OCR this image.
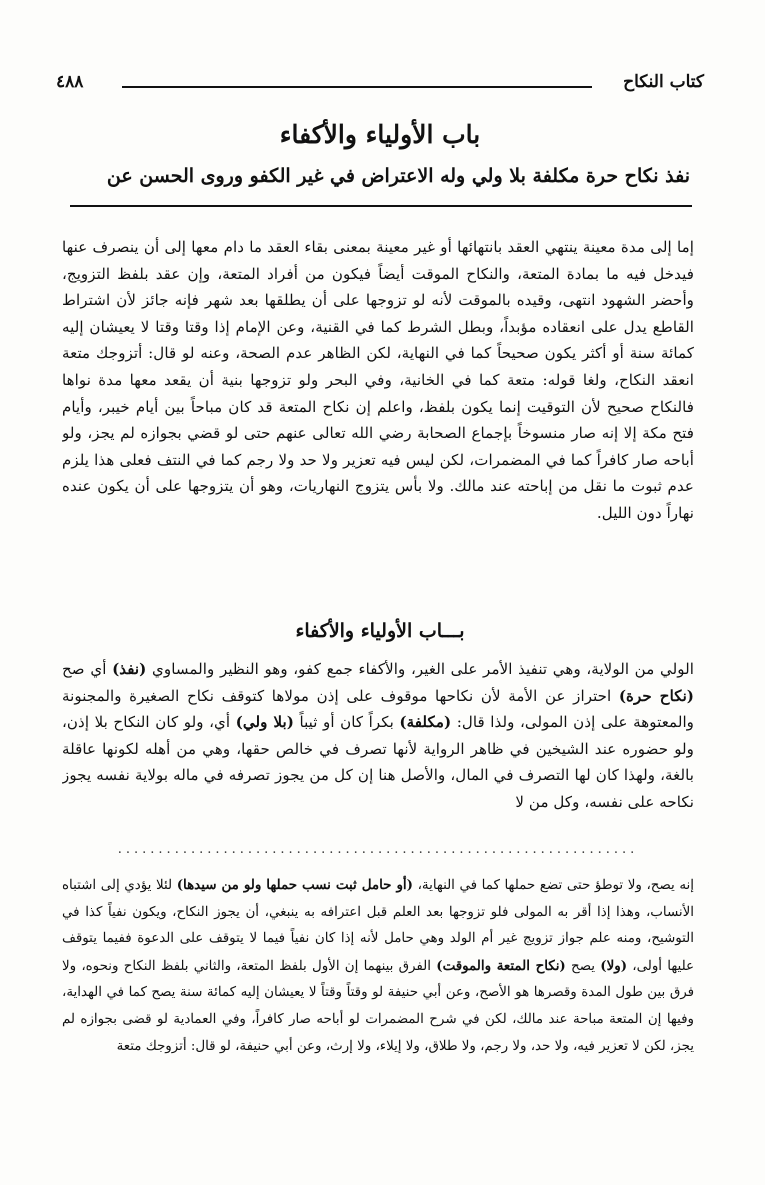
كتاب النكاح
٤٨٨
باب الأولياء والأكفاء
نفذ نكاح حرة مكلفة بلا ولي وله الاعتراض في غير الكفو وروى الحسن عن
إما إلى مدة معينة ينتهي العقد بانتهائها أو غير معينة بمعنى بقاء العقد ما دام معها إلى أن ينصرف عنها فيدخل فيه ما بمادة المتعة، والنكاح الموقت أيضاً فيكون من أفراد المتعة، وإن عقد بلفظ التزويج، وأحضر الشهود انتهى، وقيده بالموقت لأنه لو تزوجها على أن يطلقها بعد شهر فإنه جائز لأن اشتراط القاطع يدل على انعقاده مؤبداً، وبطل الشرط كما في القنية، وعن الإمام إذا وقتا وقتا لا يعيشان إليه كمائة سنة أو أكثر يكون صحيحاً كما في النهاية، لكن الظاهر عدم الصحة، وعنه لو قال: أتزوجك متعة انعقد النكاح، ولغا قوله: متعة كما في الخانية، وفي البحر ولو تزوجها بنية أن يقعد معها مدة نواها فالنكاح صحيح لأن التوقيت إنما يكون بلفظ، واعلم إن نكاح المتعة قد كان مباحاً بين أيام خيبر، وأيام فتح مكة إلا إنه صار منسوخاً بإجماع الصحابة رضي الله تعالى عنهم حتى لو قضي بجوازه لم يجز، ولو أباحه صار كافراً كما في المضمرات، لكن ليس فيه تعزير ولا حد ولا رجم كما في النتف فعلى هذا يلزم عدم ثبوت ما نقل من إباحته عند مالك. ولا بأس يتزوج النهاريات، وهو أن يتزوجها على أن يكون عنده نهاراً دون الليل.
بـــاب الأولياء والأكفاء
الولي من الولاية، وهي تنفيذ الأمر على الغير، والأكفاء جمع كفو، وهو النظير والمساوي (نفذ) أي صح (نكاح حرة) احتراز عن الأمة لأن نكاحها موقوف على إذن مولاها كتوقف نكاح الصغيرة والمجنونة والمعتوهة على إذن المولى، ولذا قال: (مكلفة) بكراً كان أو ثيباً (بلا ولي) أي، ولو كان النكاح بلا إذن، ولو حضوره عند الشيخين في ظاهر الرواية لأنها تصرف في خالص حقها، وهي من أهله لكونها عاقلة بالغة، ولهذا كان لها التصرف في المال، والأصل هنا إن كل من يجوز تصرفه في ماله بولاية نفسه يجوز نكاحه على نفسه، وكل من لا
................................................................
إنه يصح، ولا توطؤ حتى تضع حملها كما في النهاية، (أو حامل ثبت نسب حملها ولو من سيدها) لئلا يؤدي إلى اشتباه الأنساب، وهذا إذا أقر به المولى فلو تزوجها بعد العلم قبل اعترافه به ينبغي، أن يجوز النكاح، ويكون نفياً كذا في التوشيح، ومنه علم جواز تزويج غير أم الولد وهي حامل لأنه إذا كان نفياً فيما لا يتوقف على الدعوة ففيما يتوقف عليها أولى، (ولا) يصح (نكاح المتعة والموقت) الفرق بينهما إن الأول بلفظ المتعة، والثاني بلفظ النكاح ونحوه، ولا فرق بين طول المدة وقصرها هو الأصح، وعن أبي حنيفة لو وقتاً وقتاً لا يعيشان إليه كمائة سنة يصح كما في الهداية، وفيها إن المتعة مباحة عند مالك، لكن في شرح المضمرات لو أباحه صار كافراً، وفي العمادية لو قضى بجوازه لم يجز، لكن لا تعزير فيه، ولا حد، ولا رجم، ولا طلاق، ولا إيلاء، ولا إرث، وعن أبي حنيفة، لو قال: أتزوجك متعة
